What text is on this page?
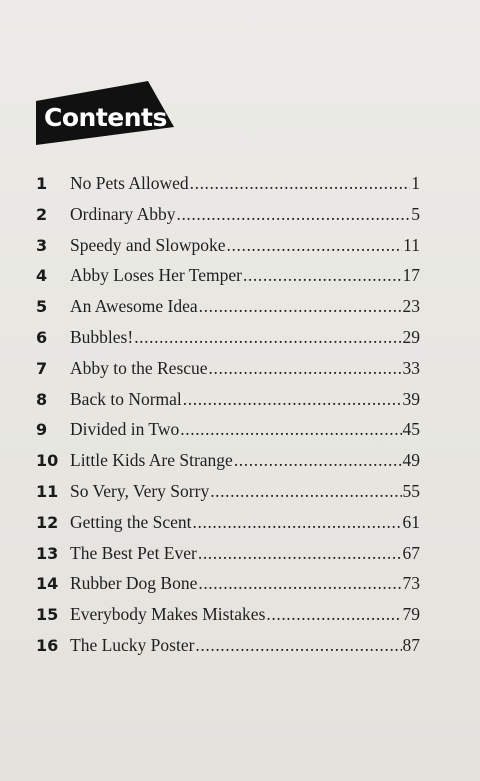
Contents
1	No Pets Allowed .....	1
2	Ordinary Abby .....	5
3	Speedy and Slowpoke .....	11
4	Abby Loses Her Temper .....	17
5	An Awesome Idea .....	23
6	Bubbles! .....	29
7	Abby to the Rescue .....	33
8	Back to Normal .....	39
9	Divided in Two .....	45
10 Little Kids Are Strange .....	49
11 So Very, Very Sorry .....	55
12 Getting the Scent .....	61
13 The Best Pet Ever .....	67
14 Rubber Dog Bone .....	73
15 Everybody Makes Mistakes .....	79
16 The Lucky Poster .....	87
